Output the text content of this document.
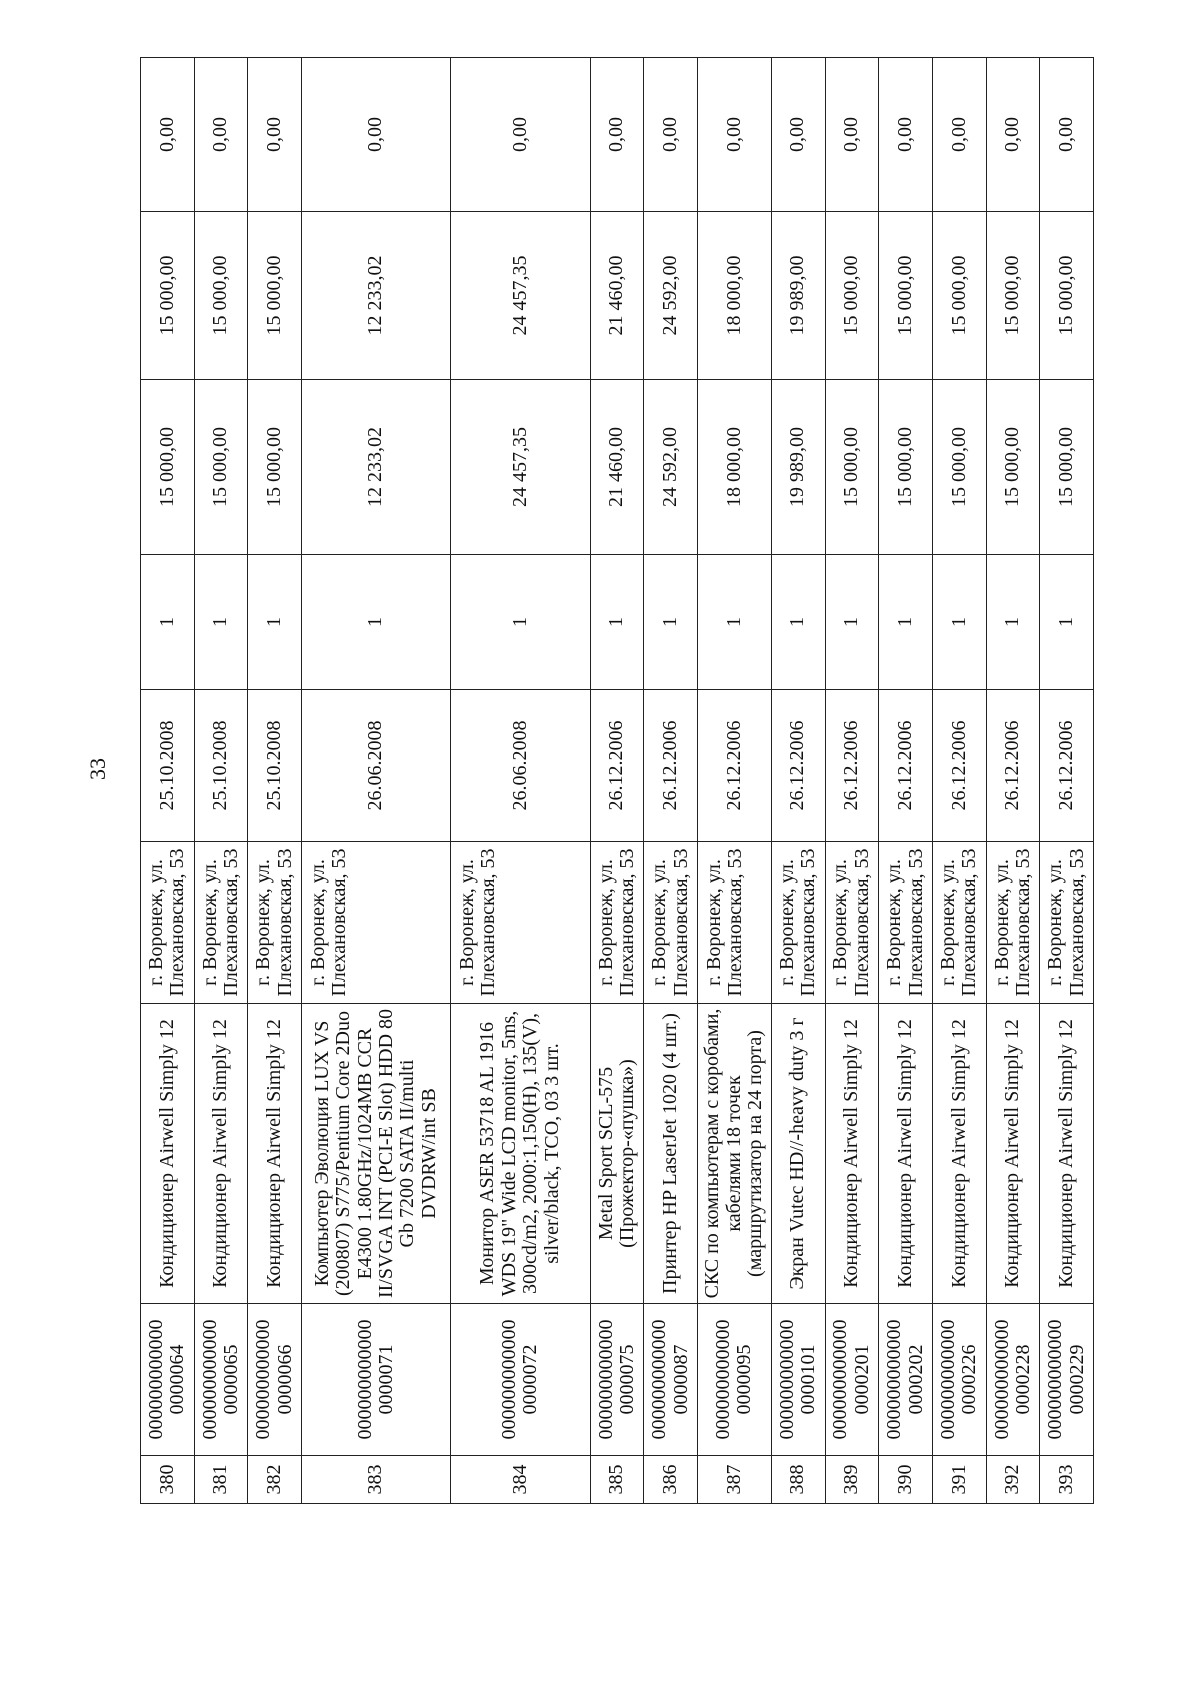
33
380	000000000000 0000064	Кондиционер Airwell Simply 12	г. Воронеж, ул. Плехановская, 53	25.10.2008	1	15 000,00	15 000,00	0,00
381	000000000000 0000065	Кондиционер Airwell Simply 12	г. Воронеж, ул. Плехановская, 53	25.10.2008	1	15 000,00	15 000,00	0,00
382	000000000000 0000066	Кондиционер Airwell Simply 12	г. Воронеж, ул. Плехановская, 53	25.10.2008	1	15 000,00	15 000,00	0,00
383	000000000000 0000071	Компьютер Эволюция LUX VS (200807) S775/Pentium Core 2Duo E4300 1.80GHz/1024MB CCR II/SVGA INT (PCI-E Slot) HDD 80 Gb 7200 SATA II/multi DVDRW/int SB	г. Воронеж, ул. Плехановская, 53	26.06.2008	1	12 233,02	12 233,02	0,00
384	000000000000 0000072	Монитор ASER 53718 AL 1916 WDS 19" Wide LCD monitor, 5ms, 300cd/m2, 2000:1,150(H), 135(V), silver/black, TCO, 03 3 шт.	г. Воронеж, ул. Плехановская, 53	26.06.2008	1	24 457,35	24 457,35	0,00
385	000000000000 0000075	Metal Sport SCL-575 (Прожектор-«пушка»)	г. Воронеж, ул. Плехановская, 53	26.12.2006	1	21 460,00	21 460,00	0,00
386	000000000000 0000087	Принтер HP LaserJet 1020 (4 шт.)	г. Воронеж, ул. Плехановская, 53	26.12.2006	1	24 592,00	24 592,00	0,00
387	000000000000 0000095	СКС по компьютерам с коробами, кабелями 18 точек (маршрутизатор на 24 порта)	г. Воронеж, ул. Плехановская, 53	26.12.2006	1	18 000,00	18 000,00	0,00
388	000000000000 0000101	Экран Vutec HD//-heavy duty 3 г	г. Воронеж, ул. Плехановская, 53	26.12.2006	1	19 989,00	19 989,00	0,00
389	000000000000 0000201	Кондиционер Airwell Simply 12	г. Воронеж, ул. Плехановская, 53	26.12.2006	1	15 000,00	15 000,00	0,00
390	000000000000 0000202	Кондиционер Airwell Simply 12	г. Воронеж, ул. Плехановская, 53	26.12.2006	1	15 000,00	15 000,00	0,00
391	000000000000 0000226	Кондиционер Airwell Simply 12	г. Воронеж, ул. Плехановская, 53	26.12.2006	1	15 000,00	15 000,00	0,00
392	000000000000 0000228	Кондиционер Airwell Simply 12	г. Воронеж, ул. Плехановская, 53	26.12.2006	1	15 000,00	15 000,00	0,00
393	000000000000 0000229	Кондиционер Airwell Simply 12	г. Воронеж, ул. Плехановская, 53	26.12.2006	1	15 000,00	15 000,00	0,00
